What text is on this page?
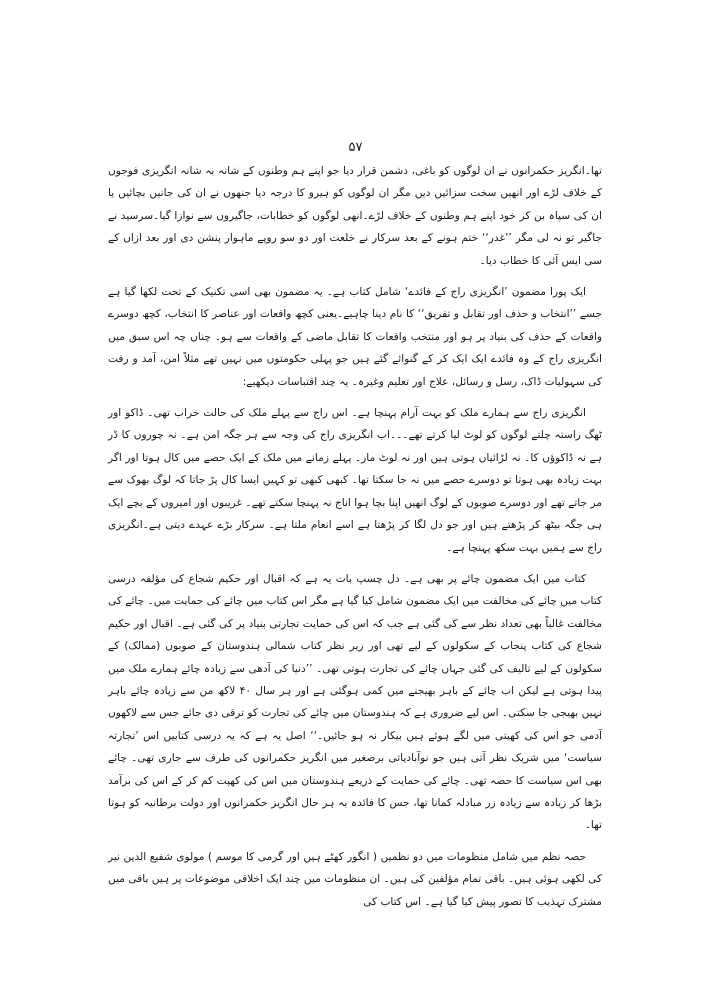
۵۷

تھا۔انگریز حکمرانوں نے ان لوگوں کو باغی، دشمن قرار دیا جو اپنے ہم وطنوں کے شانہ بہ شانہ انگریزی فوجوں کے خلاف لڑے اور انھیں سخت سزائیں دیں مگر ان لوگوں کو ہیرو کا درجہ دیا جنھوں نے ان کی جانیں بچائیں یا ان کی سپاہ بن کر خود اپنے ہم وطنوں کے خلاف لڑے۔انھی لوگوں کو خطابات، جاگیروں سے نوازا گیا۔سرسید نے جاگیر تو نہ لی مگر ’’غدر‘‘ ختم ہونے کے بعد سرکار نے خلعت اور دو سو روپے ماہوار پنشن دی اور بعد ازاں کے سی ایس آئی کا خطاب دیا۔

ایک پورا مضمون ’انگریزی راج کے فائدے‘ شامل کتاب ہے۔ یہ مضمون بھی اسی تکنیک کے تحت لکھا گیا ہے جسے ’’انتخاب و حذف اور تقابل و تفریق‘‘ کا نام دینا چاہیے۔یعنی کچھ واقعات اور عناصر کا انتخاب، کچھ دوسرے واقعات کے حذف کی بنیاد پر ہو اور منتخب واقعات کا تقابل ماضی کے واقعات سے ہو۔ چناں چہ اس سبق میں انگریزی راج کے وہ فائدے ایک ایک کر کے گنوائے گئے ہیں جو پہلی حکومتوں میں نہیں تھے مثلاً امن، آمد و رفت کی سہولیات ڈاک، رسل و رسائل، علاج اور تعلیم وغیرہ۔ یہ چند اقتباسات دیکھیے:

انگریزی راج سے ہمارے ملک کو بہت آرام پہنچا ہے۔ اس راج سے پہلے ملک کی حالت خراب تھی۔ ڈاکو اور ٹھگ راستہ چلتے لوگوں کو لوٹ لیا کرتے تھے۔۔۔اب انگریزی راج کی وجہ سے ہر جگہ امن ہے۔ نہ چوروں کا ڈر ہے نہ ڈاکوؤں کا۔ نہ لڑائیاں ہوتی ہیں اور نہ لوٹ مار۔ پہلے زمانے میں ملک کے ایک حصے میں کال ہوتا اور اگر بہت زیادہ بھی ہوتا تو دوسرے حصے میں نہ جا سکتا تھا۔ کبھی کبھی تو کہیں ایسا کال پڑ جاتا کہ لوگ بھوک سے مر جاتے تھے اور دوسرے صوبوں کے لوگ انھیں اپنا بچا ہوا اناج نہ پہنچا سکتے تھے۔ غریبوں اور امیروں کے بچے ایک ہی جگہ بیٹھ کر پڑھتے ہیں اور جو دل لگا کر پڑھتا ہے اسے انعام ملتا ہے۔ سرکار بڑے عہدے دیتی ہے۔انگریزی راج سے ہمیں بہت سکھ پہنچا ہے۔

کتاب میں ایک مضمون چائے پر بھی ہے۔ دل چسپ بات یہ ہے کہ اقبال اور حکیم شجاع کی مؤلفہ درسی کتاب میں چائے کی مخالفت میں ایک مضمون شامل کیا گیا ہے مگر اس کتاب میں چائے کی حمایت میں۔ چائے کی مخالفت غالباً بھی تعداد نظر سے کی گئی ہے جب کہ اس کی حمایت تجارتی بنیاد پر کی گئی ہے۔ اقبال اور حکیم شجاع کی کتاب پنجاب کے سکولوں کے لیے تھی اور زیر نظر کتاب شمالی ہندوستان کے صوبوں (ممالک) کے سکولوں کے لیے تالیف کی گئی جہاں چائے کی تجارت ہوتی تھی۔ ’’دنیا کی آدھی سے زیادہ چائے ہمارے ملک میں پیدا ہوتی ہے لیکن اب چائے کے باہر بھیجنے میں کمی ہوگئی ہے اور ہر سال ۴۰ لاکھ من سے زیادہ چائے باہر نہیں بھیجی جا سکتی۔ اس لیے ضروری ہے کہ ہندوستان میں چائے کی تجارت کو ترقی دی جائے جس سے لاکھوں آدمی جو اس کی کھیتی میں لگے ہوئے ہیں بیکار نہ ہو جائیں۔‘‘ اصل یہ ہے کہ یہ درسی کتابیں اس ’تجارتہ سیاست‘ میں شریک نظر آتی ہیں جو نوآبادیاتی برصغیر میں انگریز حکمرانوں کی طرف سے جاری تھی۔ چائے بھی اس سیاست کا حصہ تھی۔ چائے کی حمایت کے ذریعے ہندوستان میں اس کی کھپت کم کر کے اس کی برآمد بڑھا کر زیادہ سے زیادہ زر مبادلہ کمانا تھا، جس کا فائدہ بہ ہر حال انگریز حکمرانوں اور دولت برطانیہ کو ہوتا تھا۔

حصہ نظم میں شامل منظومات میں دو نظمیں ( انگور کھٹے ہیں اور گرمی کا موسم ) مولوی شفیع الدین نیر کی لکھی ہوئی ہیں۔ باقی تمام مؤلفین کی ہیں۔ ان منظومات میں چند ایک اخلاقی موضوعات پر ہیں باقی میں مشترک تہذیب کا تصور پیش کیا گیا ہے۔ اس کتاب کی
